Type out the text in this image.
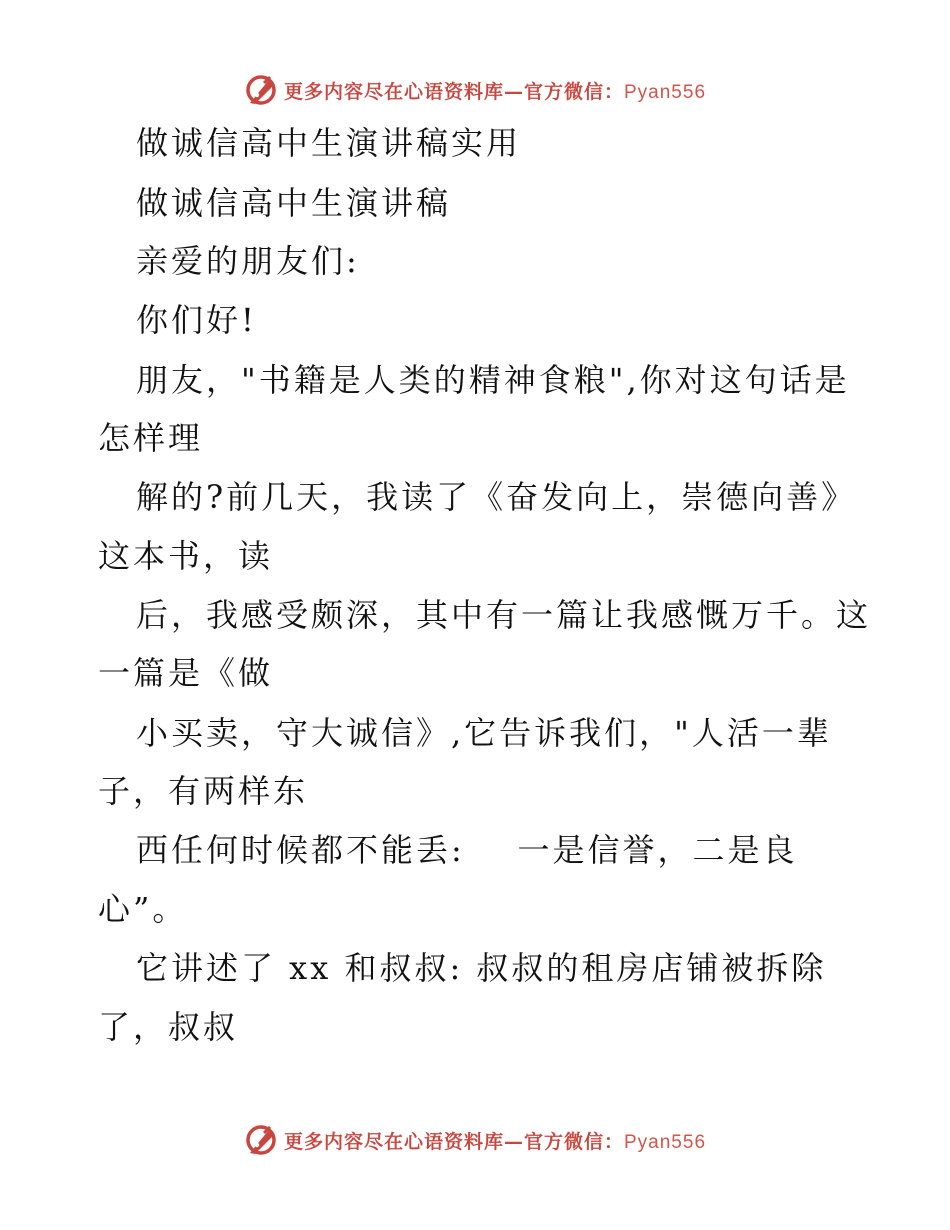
更多内容尽在心语资料库—官方微信：Pyan556
做诚信高中生演讲稿实用
做诚信高中生演讲稿
亲爱的朋友们:
你们好!
朋友，"书籍是人类的精神食粮",你对这句话是
怎样理
解的?前几天，我读了《奋发向上，崇德向善》
这本书，读
后，我感受颇深，其中有一篇让我感慨万千。这
一篇是《做
小买卖，守大诚信》,它告诉我们，"人活一辈
子，有两样东
西任何时候都不能丢:    一是信誉，二是良
心”。
它讲述了 xx 和叔叔: 叔叔的租房店铺被拆除
了，叔叔
更多内容尽在心语资料库—官方微信：Pyan556
